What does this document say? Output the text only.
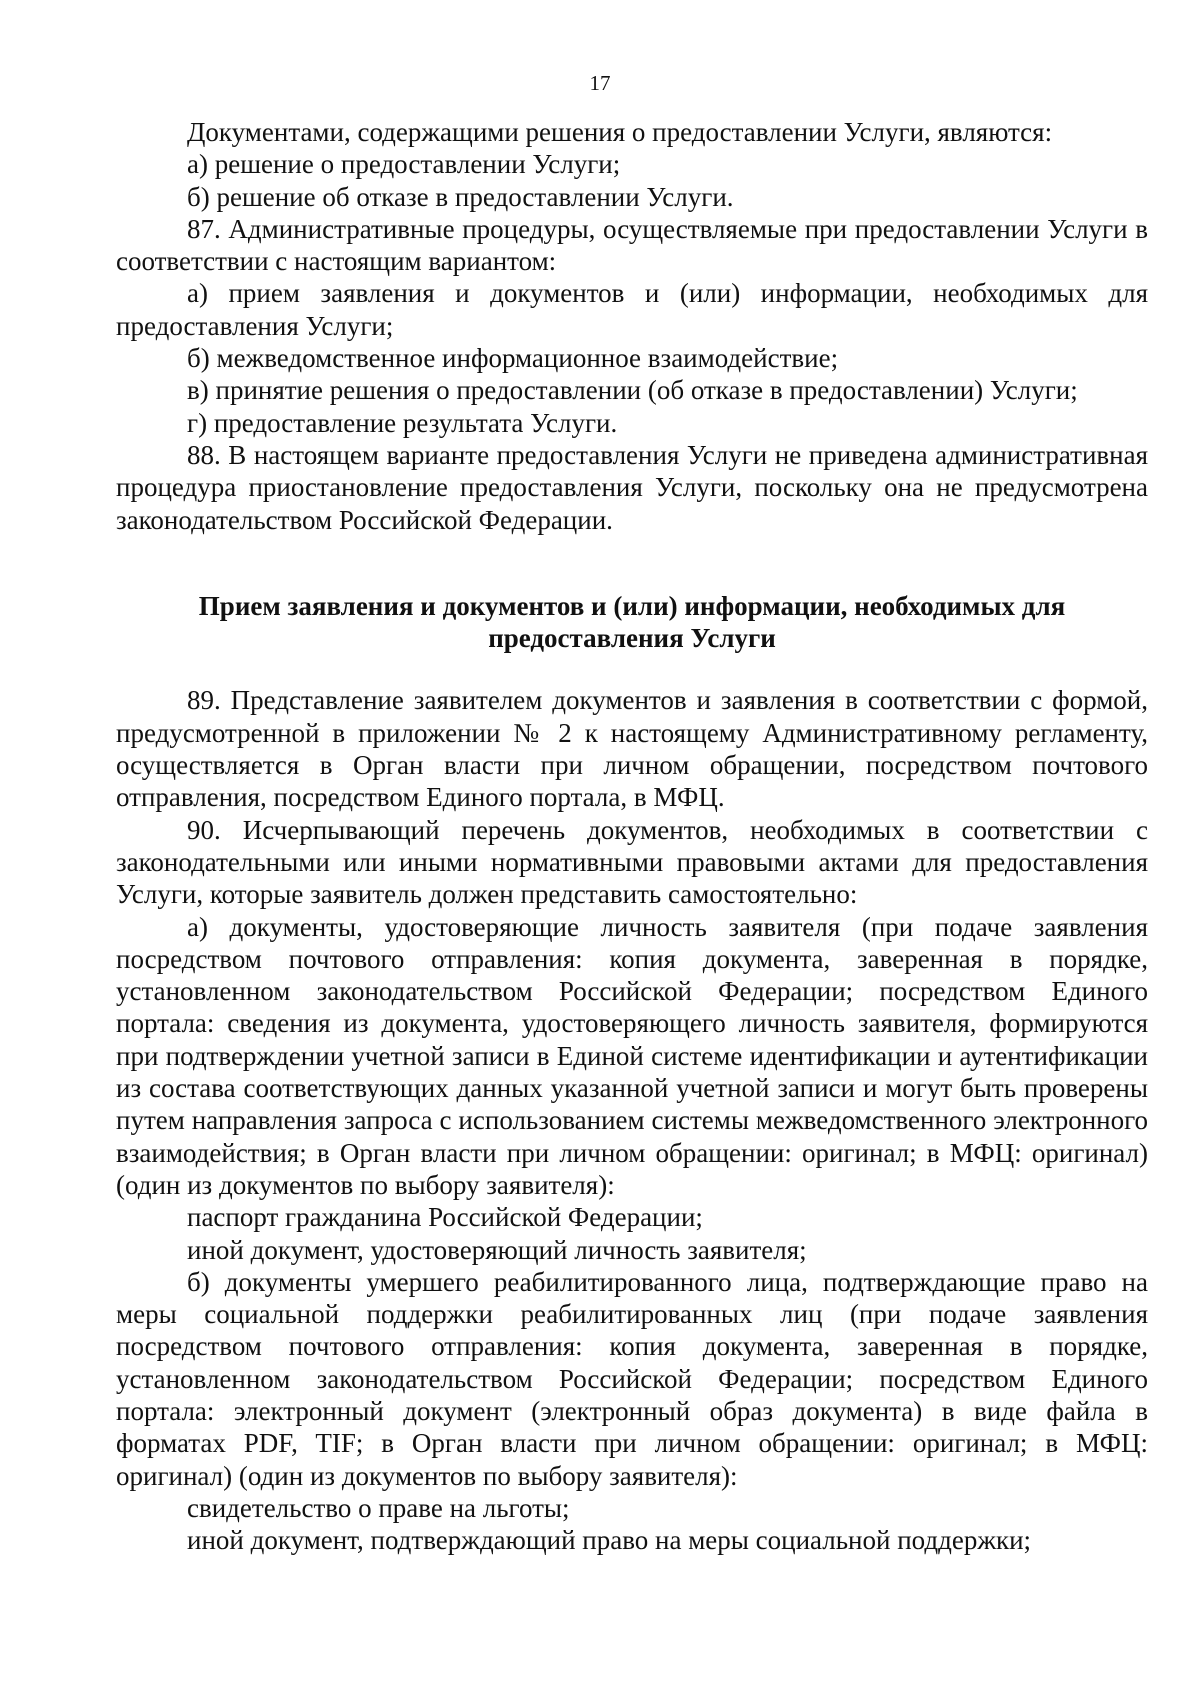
17

Документами, содержащими решения о предоставлении Услуги, являются:

а) решение о предоставлении Услуги;

б) решение об отказе в предоставлении Услуги.

87. Административные процедуры, осуществляемые при предоставлении Услуги в соответствии с настоящим вариантом:

а) прием заявления и документов и (или) информации, необходимых для предоставления Услуги;

б) межведомственное информационное взаимодействие;

в) принятие решения о предоставлении (об отказе в предоставлении) Услуги;

г) предоставление результата Услуги.

88. В настоящем варианте предоставления Услуги не приведена административная процедура приостановление предоставления Услуги, поскольку она не предусмотрена законодательством Российской Федерации.

Прием заявления и документов и (или) информации, необходимых для предоставления Услуги

89. Представление заявителем документов и заявления в соответствии с формой, предусмотренной в приложении № 2 к настоящему Административному регламенту, осуществляется в Орган власти при личном обращении, посредством почтового отправления, посредством Единого портала, в МФЦ.

90. Исчерпывающий перечень документов, необходимых в соответствии с законодательными или иными нормативными правовыми актами для предоставления Услуги, которые заявитель должен представить самостоятельно:

а) документы, удостоверяющие личность заявителя (при подаче заявления посредством почтового отправления: копия документа, заверенная в порядке, установленном законодательством Российской Федерации; посредством Единого портала: сведения из документа, удостоверяющего личность заявителя, формируются при подтверждении учетной записи в Единой системе идентификации и аутентификации из состава соответствующих данных указанной учетной записи и могут быть проверены путем направления запроса с использованием системы межведомственного электронного взаимодействия; в Орган власти при личном обращении: оригинал; в МФЦ: оригинал) (один из документов по выбору заявителя):

паспорт гражданина Российской Федерации;

иной документ, удостоверяющий личность заявителя;

б) документы умершего реабилитированного лица, подтверждающие право на меры социальной поддержки реабилитированных лиц (при подаче заявления посредством почтового отправления: копия документа, заверенная в порядке, установленном законодательством Российской Федерации; посредством Единого портала: электронный документ (электронный образ документа) в виде файла в форматах PDF, TIF; в Орган власти при личном обращении: оригинал; в МФЦ: оригинал) (один из документов по выбору заявителя):

свидетельство о праве на льготы;

иной документ, подтверждающий право на меры социальной поддержки;
